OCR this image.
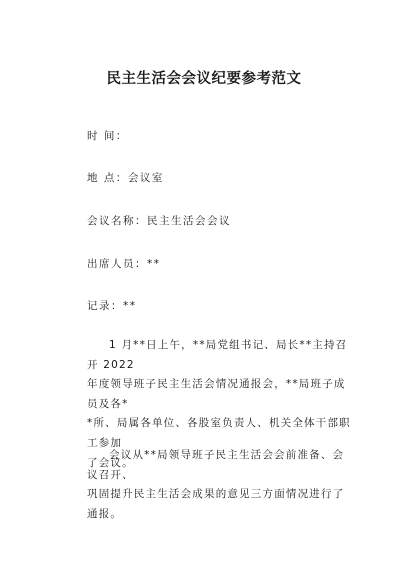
民主生活会会议纪要参考范文
时 间：
地 点：会议室
会议名称：民主生活会会议
出席人员：**
记录：**

1 月**日上午，**局党组书记、局长**主持召开 2022

年度领导班子民主生活会情况通报会，**局班子成员及各*

*所、局属各单位、各股室负责人、机关全体干部职工参加

了会议。

会议从**局领导班子民主生活会会前准备、会议召开、

巩固提升民主生活会成果的意见三方面情况进行了通报。
